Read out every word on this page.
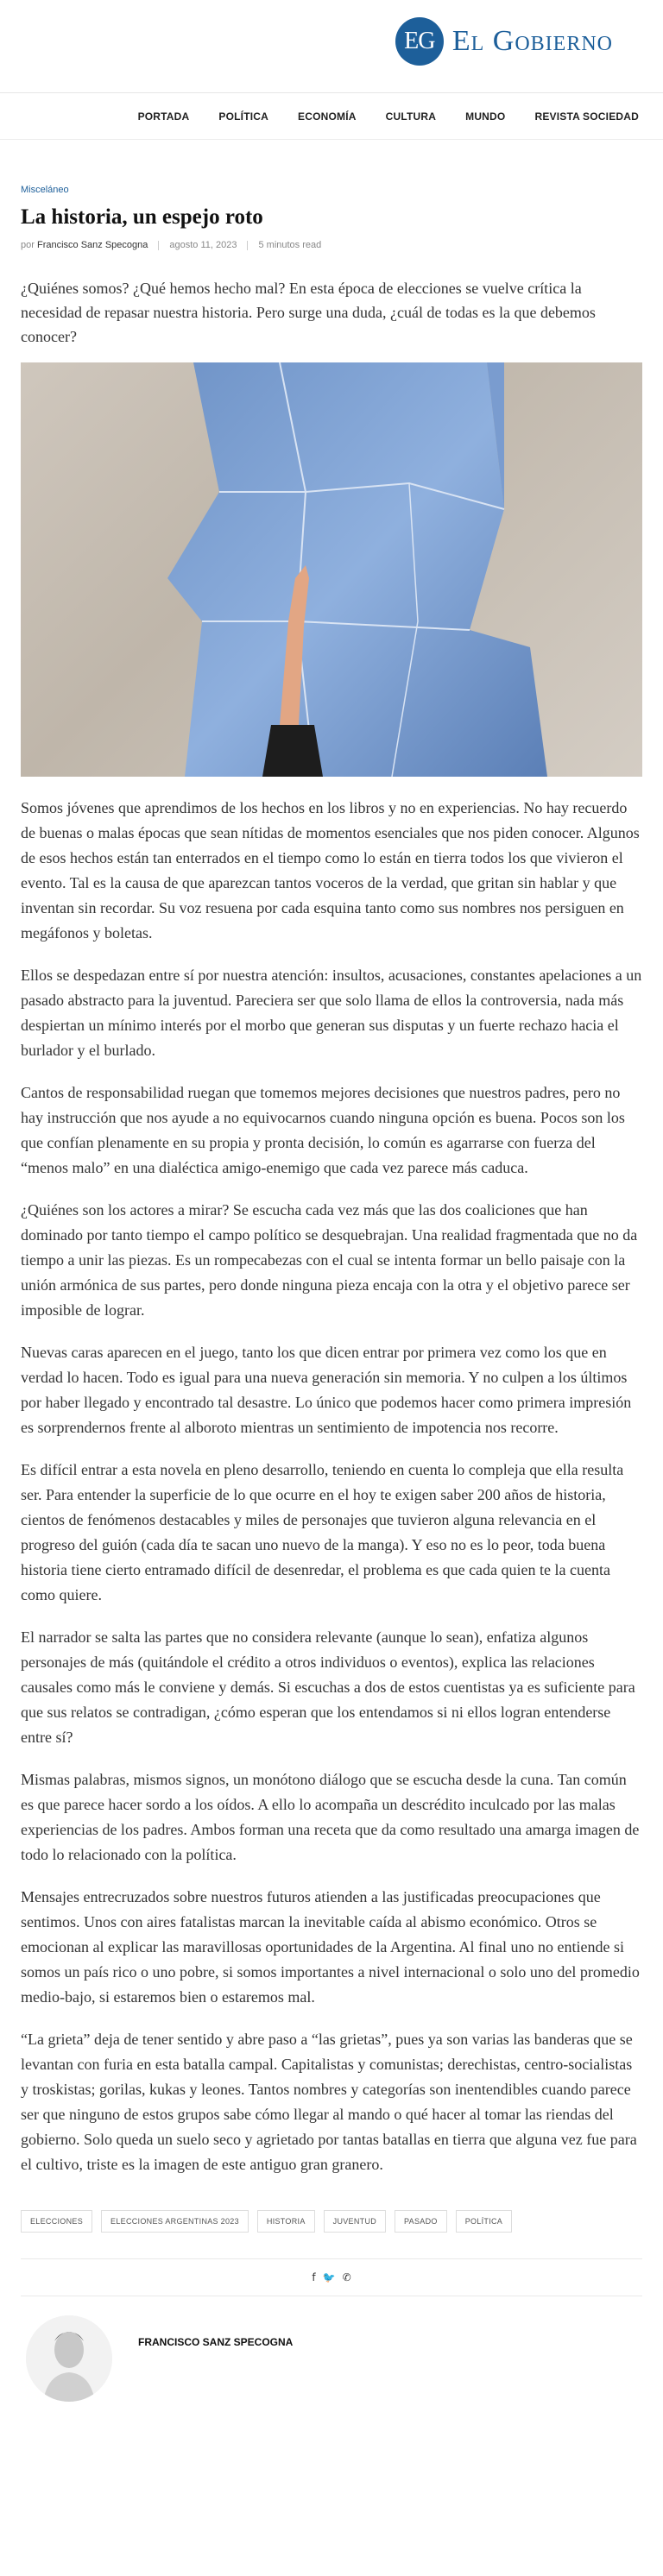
EG El Gobierno
PORTADA	POLÍTICA	ECONOMÍA	CULTURA	MUNDO	REVISTA SOCIEDAD
Misceláneo
La historia, un espejo roto
por
Francisco Sanz Specogna agosto 11, 2023 5 minutos read

¿Quiénes somos? ¿Qué hemos hecho mal? En esta época de elecciones se vuelve crítica la necesidad de repasar nuestra historia. Pero surge una duda, ¿cuál de todas es la que debemos conocer?

Somos jóvenes que aprendimos de los hechos en los libros y no en experiencias. No hay recuerdo de buenas o malas épocas que sean nítidas de momentos esenciales que nos piden conocer. Algunos de esos hechos están tan enterrados en el tiempo como lo están en tierra todos los que vivieron el evento. Tal es la causa de que aparezcan tantos voceros de la verdad, que gritan sin hablar y que inventan sin recordar. Su voz resuena por cada esquina tanto como sus nombres nos persiguen en megáfonos y boletas.

Ellos se despedazan entre sí por nuestra atención: insultos, acusaciones, constantes apelaciones a un pasado abstracto para la juventud. Pareciera ser que solo llama de ellos la controversia, nada más despiertan un mínimo interés por el morbo que generan sus disputas y un fuerte rechazo hacia el burlador y el burlado.

Cantos de responsabilidad ruegan que tomemos mejores decisiones que nuestros padres, pero no hay instrucción que nos ayude a no equivocarnos cuando ninguna opción es buena. Pocos son los que confían plenamente en su propia y pronta decisión, lo común es agarrarse con fuerza del “menos malo” en una dialéctica amigo-enemigo que cada vez parece más caduca.

¿Quiénes son los actores a mirar? Se escucha cada vez más que las dos coaliciones que han dominado por tanto tiempo el campo político se desquebrajan. Una realidad fragmentada que no da tiempo a unir las piezas. Es un rompecabezas con el cual se intenta formar un bello paisaje con la unión armónica de sus partes, pero donde ninguna pieza encaja con la otra y el objetivo parece ser imposible de lograr.

Nuevas caras aparecen en el juego, tanto los que dicen entrar por primera vez como los que en verdad lo hacen. Todo es igual para una nueva generación sin memoria. Y no culpen a los últimos por haber llegado y encontrado tal desastre. Lo único que podemos hacer como primera impresión es sorprendernos frente al alboroto mientras un sentimiento de impotencia nos recorre.

Es difícil entrar a esta novela en pleno desarrollo, teniendo en cuenta lo compleja que ella resulta ser. Para entender la superficie de lo que ocurre en el hoy te exigen saber 200 años de historia, cientos de fenómenos destacables y miles de personajes que tuvieron alguna relevancia en el progreso del guión (cada día te sacan uno nuevo de la manga). Y eso no es lo peor, toda buena historia tiene cierto entramado difícil de desenredar, el problema es que cada quien te la cuenta como quiere.

El narrador se salta las partes que no considera relevante (aunque lo sean), enfatiza algunos personajes de más (quitándole el crédito a otros individuos o eventos), explica las relaciones causales como más le conviene y demás. Si escuchas a dos de estos cuentistas ya es suficiente para que sus relatos se contradigan, ¿cómo esperan que los entendamos si ni ellos logran entenderse entre sí?

Mismas palabras, mismos signos, un monótono diálogo que se escucha desde la cuna. Tan común es que parece hacer sordo a los oídos. A ello lo acompaña un descrédito inculcado por las malas experiencias de los padres. Ambos forman una receta que da como resultado una amarga imagen de todo lo relacionado con la política.

Mensajes entrecruzados sobre nuestros futuros atienden a las justificadas preocupaciones que sentimos. Unos con aires fatalistas marcan la inevitable caída al abismo económico. Otros se emocionan al explicar las maravillosas oportunidades de la Argentina. Al final uno no entiende si somos un país rico o uno pobre, si somos importantes a nivel internacional o solo uno del promedio medio-bajo, si estaremos bien o estaremos mal.

“La grieta” deja de tener sentido y abre paso a “las grietas”, pues ya son varias las banderas que se levantan con furia en esta batalla campal. Capitalistas y comunistas; derechistas, centro-socialistas y troskistas; gorilas, kukas y leones. Tantos nombres y categorías son inentendibles cuando parece ser que ninguno de estos grupos sabe cómo llegar al mando o qué hacer al tomar las riendas del gobierno. Solo queda un suelo seco y agrietado por tantas batallas en tierra que alguna vez fue para el cultivo, triste es la imagen de este antiguo gran granero.

ELECCIONES	ELECCIONES ARGENTINAS 2023	HISTORIA	JUVENTUD	PASADO	POLÍTICA
f 🐦 ✆
FRANCISCO SANZ SPECOGNA
